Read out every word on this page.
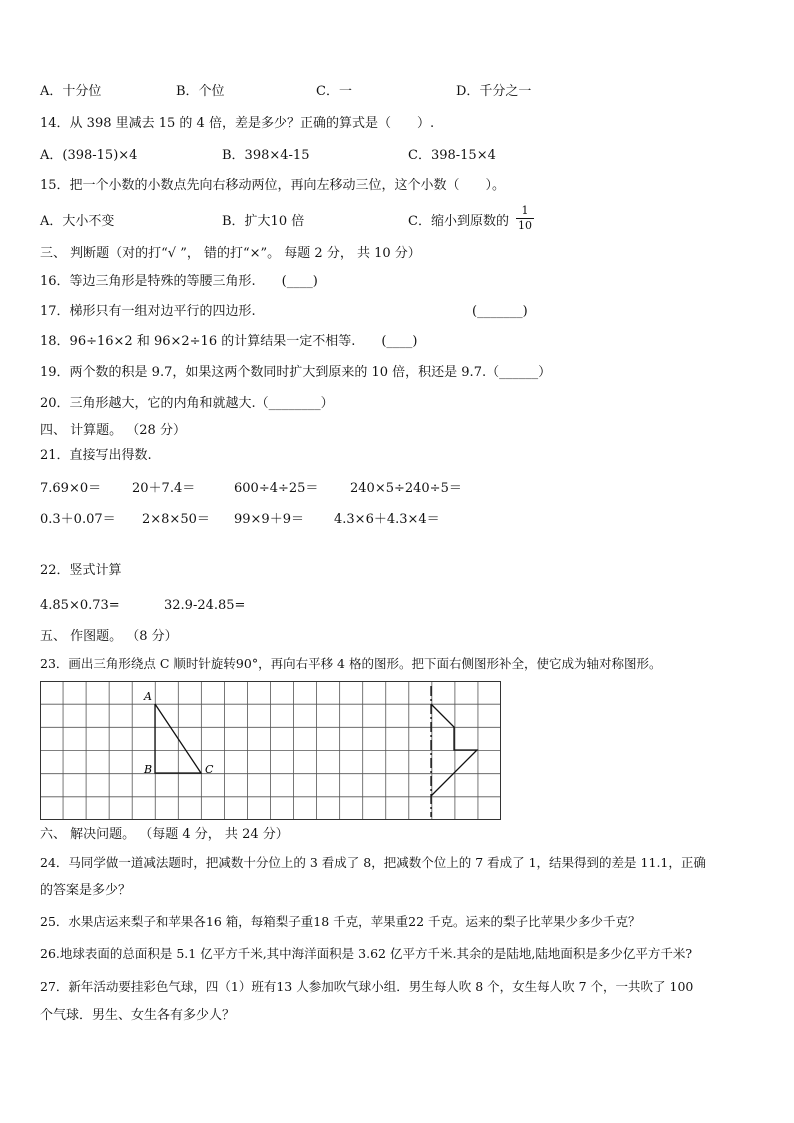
A．十分位	B．个位	C．一	D．千分之一
14．从 398 里减去 15 的 4 倍，差是多少？正确的算式是（　　）.
A．(398-15)×4	B．398×4-15	C．398-15×4
15．把一个小数的小数点先向右移动两位，再向左移动三位，这个小数（　　）。
A．大小不变	B．扩大10 倍	C．缩小到原数的
1
10
三、 判断题（对的打“√ ”， 错的打“×”。 每题 2 分， 共 10 分）
16．等边三角形是特殊的等腰三角形.　　(____)
17．梯形只有一组对边平行的四边形.	(_______)
18．96÷16×2 和 96×2÷16 的计算结果一定不相等.　　(____)
19．两个数的积是 9.7，如果这两个数同时扩大到原来的 10 倍，积还是 9.7.（______）
20．三角形越大，它的内角和就越大.（________）
四、 计算题。 （28 分）
21．直接写出得数.
7.69×0＝ 20＋7.4＝	600÷4÷25＝ 240×5÷240÷5＝
0.3＋0.07＝ 2×8×50＝ 99×9＋9＝ 4.3×6＋4.3×4＝
22．竖式计算
4.85×0.73=	32.9-24.85=
五、 作图题。 （8 分）
23．画出三角形绕点 C 顺时针旋转90°，再向右平移 4 格的图形。把下面右侧图形补全，使它成为轴对称图形。
A
B	C
六、 解决问题。 （每题 4 分， 共 24 分）
24．马同学做一道减法题时，把减数十分位上的 3 看成了 8，把减数个位上的 7 看成了 1，结果得到的差是 11.1，正确
的答案是多少？
25．水果店运来梨子和苹果各16 箱，每箱梨子重18 千克，苹果重22 千克。运来的梨子比苹果少多少千克？
26.地球表面的总面积是 5.1 亿平方千米,其中海洋面积是 3.62 亿平方千米.其余的是陆地,陆地面积是多少亿平方千米?
27．新年活动要挂彩色气球，四（1）班有13 人参加吹气球小组．男生每人吹 8 个，女生每人吹 7 个，一共吹了 100
个气球．男生、女生各有多少人？
